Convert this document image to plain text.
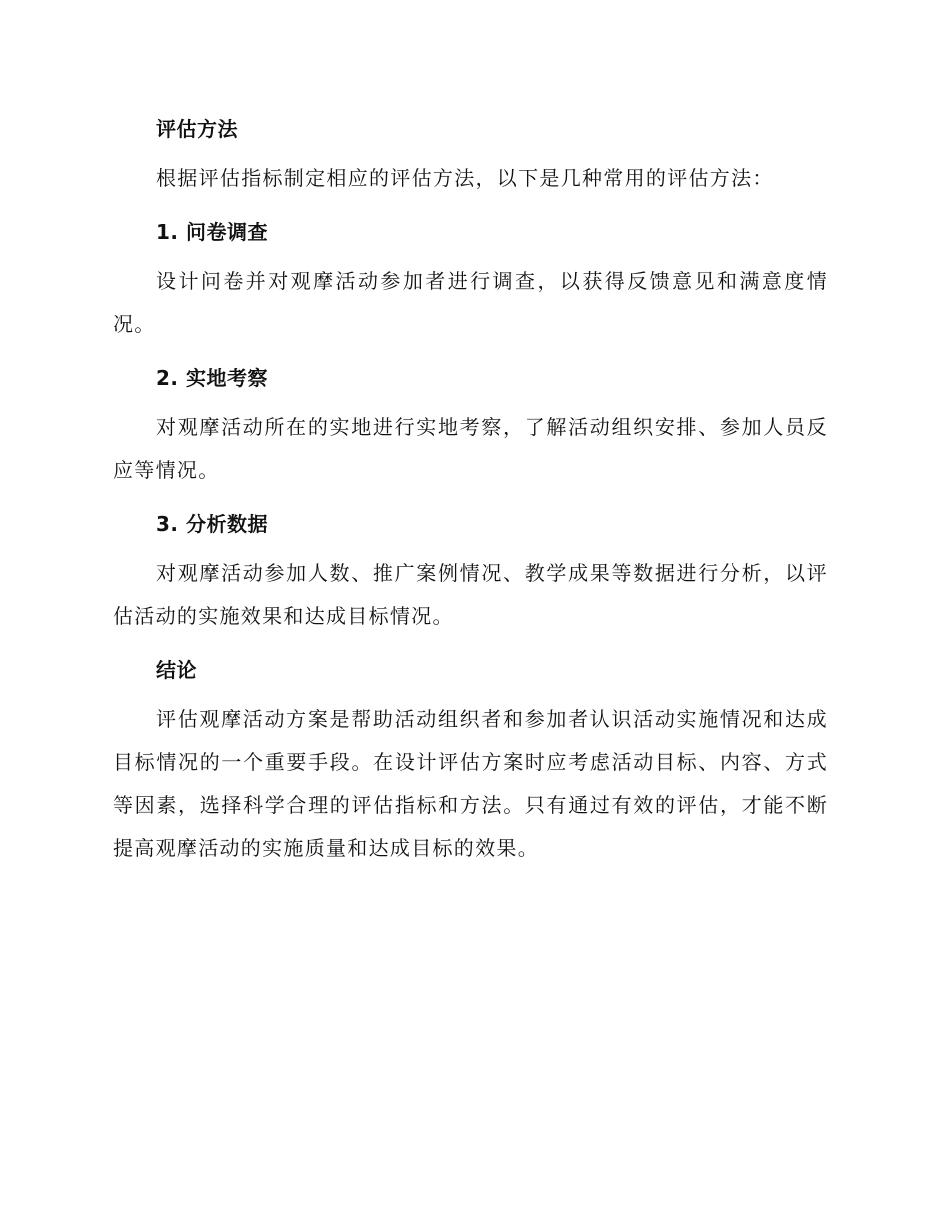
评估方法

根据评估指标制定相应的评估方法，以下是几种常用的评估方法：

1. 问卷调查

设计问卷并对观摩活动参加者进行调查，以获得反馈意见和满意度情况。

2. 实地考察

对观摩活动所在的实地进行实地考察，了解活动组织安排、参加人员反应等情况。

3. 分析数据

对观摩活动参加人数、推广案例情况、教学成果等数据进行分析，以评估活动的实施效果和达成目标情况。

结论

评估观摩活动方案是帮助活动组织者和参加者认识活动实施情况和达成目标情况的一个重要手段。在设计评估方案时应考虑活动目标、内容、方式等因素，选择科学合理的评估指标和方法。只有通过有效的评估，才能不断提高观摩活动的实施质量和达成目标的效果。
